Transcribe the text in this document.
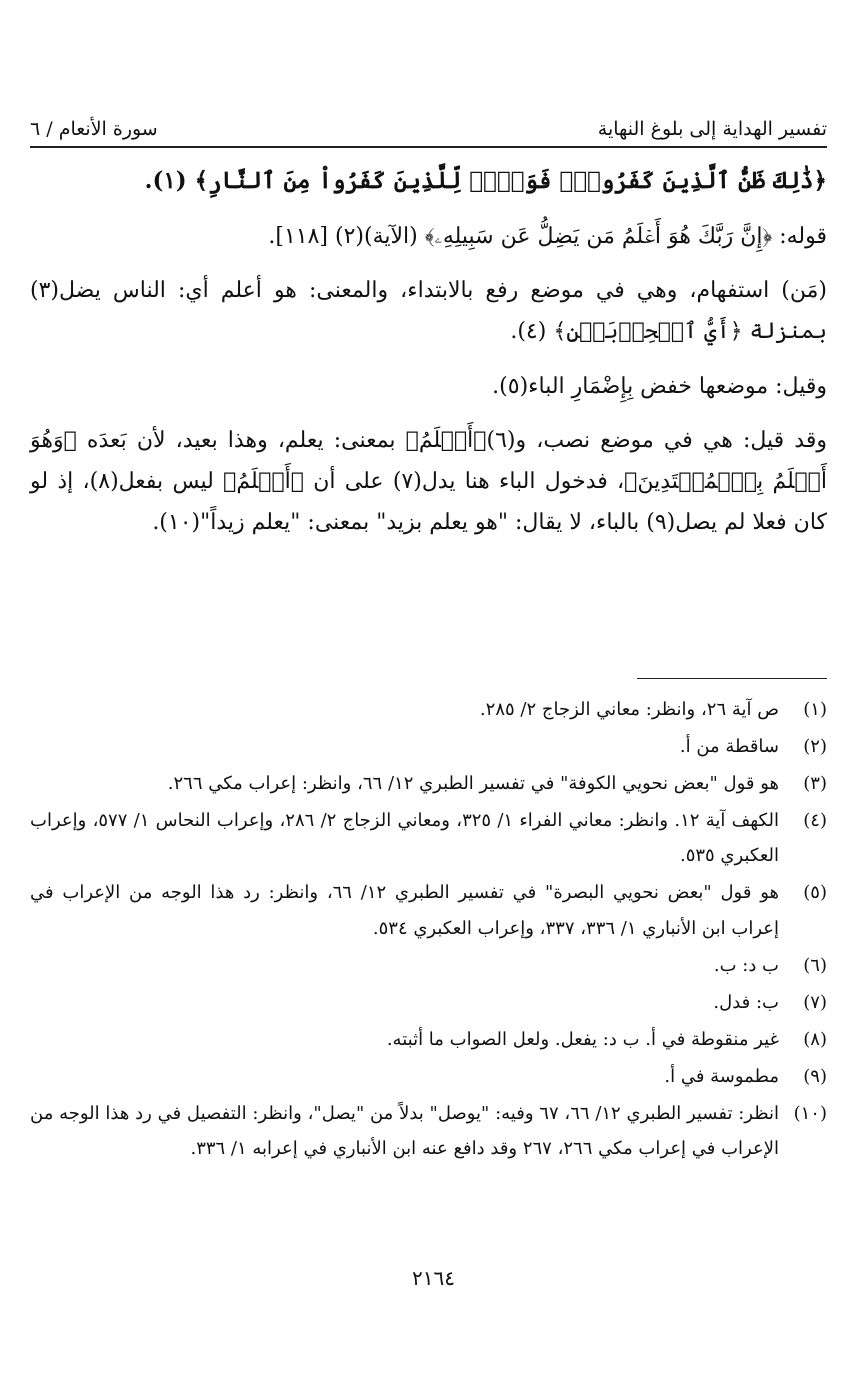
تفسير الهداية إلى بلوغ النهاية
سورة الأنعام / ٦

﴿ذَٰلِكَ ظَنُّ ٱلَّذِينَ كَفَرُواْۚ فَوَيۡلٞ لِّلَّذِينَ كَفَرُواْ مِنَ ٱلنَّارِ﴾ (١).

قوله: ﴿إِنَّ رَبَّكَ هُوَ أَعۡلَمُ مَن يَضِلُّ عَن سَبِيلِهِۦ﴾ (الآية)(٢) [١١٨].

(مَن) استفهام، وهي في موضع رفع بالابتداء، والمعنى: هو أعلم أي: الناس يضل(٣) بمنزلة ﴿أَيُّ ٱلۡحِزۡبَيۡنِ﴾ (٤).

وقيل: موضعها خفض بِإِضْمَارِ الباء(٥).

وقد قيل: هي في موضع نصب، و(٦)﴿أَعۡلَمُ﴾ بمعنى: يعلم، وهذا بعيد، لأن بَعدَه ﴿وَهُوَ أَعۡلَمُ بِٱلۡمُهۡتَدِينَ﴾، فدخول الباء هنا يدل(٧) على أن ﴿أَعۡلَمُ﴾ ليس بفعل(٨)، إذ لو كان فعلا لم يصل(٩) بالباء، لا يقال: "هو يعلم بزيد" بمعنى: "يعلم زيداً"(١٠).

(١)
ص آية ٢٦، وانظر: معاني الزجاج ٢/ ٢٨٥.
(٢)
ساقطة من أ.
(٣)
هو قول "بعض نحويي الكوفة" في تفسير الطبري ١٢/ ٦٦، وانظر: إعراب مكي ٢٦٦.
(٤)
الكهف آية ١٢. وانظر: معاني الفراء ١/ ٣٢٥، ومعاني الزجاج ٢/ ٢٨٦، وإعراب النحاس ١/ ٥٧٧، وإعراب العكبري ٥٣٥.
(٥)
هو قول "بعض نحويي البصرة" في تفسير الطبري ١٢/ ٦٦، وانظر: رد هذا الوجه من الإعراب في إعراب ابن الأنباري ١/ ٣٣٦، ٣٣٧، وإعراب العكبري ٥٣٤.
(٦)
ب د: ب.
(٧)
ب: فدل.
(٨)
غير منقوطة في أ. ب د: يفعل. ولعل الصواب ما أثبته.
(٩)
مطموسة في أ.
(١٠)
انظر: تفسير الطبري ١٢/ ٦٦، ٦٧ وفيه: "يوصل" بدلاً من "يصل"، وانظر: التفصيل في رد هذا الوجه من الإعراب في إعراب مكي ٢٦٦، ٢٦٧ وقد دافع عنه ابن الأنباري في إعرابه ١/ ٣٣٦.
٢١٦٤
